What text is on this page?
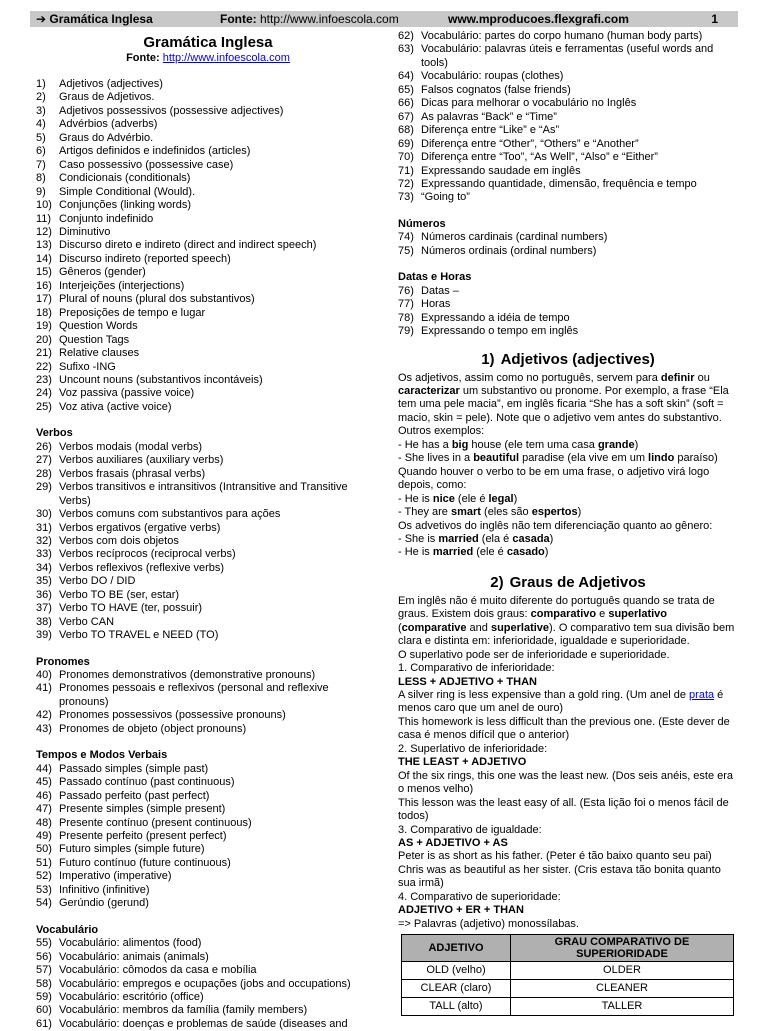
➔ Gramática Inglesa	Fonte: http://www.infoescola.com	www.mproducoes.flexgrafi.com	1
Gramática Inglesa
Fonte: http://www.infoescola.com
1)	Adjetivos (adjectives)
2)	Graus de Adjetivos.
3)	Adjetivos possessivos (possessive adjectives)
4)	Advérbios (adverbs)
5)	Graus do Advérbio.
6)	Artigos definidos e indefinidos (articles)
7)	Caso possessivo (possessive case)
8)	Condicionais (conditionals)
9)	Simple Conditional (Would).
10) Conjunções (linking words)
11) Conjunto indefinido
12) Diminutivo
13) Discurso direto e indireto (direct and indirect speech)
14) Discurso indireto (reported speech)
15) Gêneros (gender)
16) Interjeições (interjections)
17) Plural of nouns (plural dos substantivos)
18) Preposições de tempo e lugar
19) Question Words
20) Question Tags
21) Relative clauses
22) Sufixo -ING
23) Uncount nouns (substantivos incontáveis)
24) Voz passiva (passive voice)
25) Voz ativa (active voice)
Verbos
26) Verbos modais (modal verbs)
27) Verbos auxiliares (auxiliary verbs)
28) Verbos frasais (phrasal verbs)
29) Verbos transitivos e intransitivos (Intransitive and Transitive Verbs)
30) Verbos comuns com substantivos para ações
31) Verbos ergativos (ergative verbs)
32) Verbos com dois objetos
33) Verbos recíprocos (reciprocal verbs)
34) Verbos reflexivos (reflexive verbs)
35) Verbo DO / DID
36) Verbo TO BE (ser, estar)
37) Verbo TO HAVE (ter, possuir)
38) Verbo CAN
39) Verbo TO TRAVEL e NEED (TO)
Pronomes
40) Pronomes demonstrativos (demonstrative pronouns)
41) Pronomes pessoais e reflexivos (personal and reflexive pronouns)
42) Pronomes possessivos (possessive pronouns)
43) Pronomes de objeto (object pronouns)
Tempos e Modos Verbais
44) Passado simples (simple past)
45) Passado contínuo (past continuous)
46) Passado perfeito (past perfect)
47) Presente simples (simple present)
48) Presente contínuo (present continuous)
49) Presente perfeito (present perfect)
50) Futuro simples (simple future)
51) Futuro contínuo (future continuous)
52) Imperativo (imperative)
53) Infinitivo (infinitive)
54) Gerúndio (gerund)
Vocabulário
55) Vocabulário: alimentos (food)
56) Vocabulário: animais (animals)
57) Vocabulário: cômodos da casa e mobília
58) Vocabulário: empregos e ocupações (jobs and occupations)
59) Vocabulário: escritório (office)
60) Vocabulário: membros da família (family members)
61) Vocabulário: doenças e problemas de saúde (diseases and
62) Vocabulário: partes do corpo humano (human body parts)
63) Vocabulário: palavras úteis e ferramentas (useful words and tools)
64) Vocabulário: roupas (clothes)
65) Falsos cognatos (false friends)
66) Dicas para melhorar o vocabulário no Inglês
67) As palavras “Back” e “Time”
68) Diferença entre “Like” e “As”
69) Diferença entre “Other”, “Others” e “Another”
70) Diferença entre “Too”, “As Well”, “Also” e “Either”
71) Expressando saudade em inglês
72) Expressando quantidade, dimensão, frequência e tempo
73) “Going to”
Números
74) Números cardinais (cardinal numbers)
75) Números ordinais (ordinal numbers)
Datas e Horas
76) Datas –
77) Horas
78) Expressando a idéia de tempo
79) Expressando o tempo em inglês
1) Adjetivos (adjectives)

Os adjetivos, assim como no português, servem para definir ou caracterizar um substantivo ou pronome. Por exemplo, a frase “Ela tem uma pele macia”, em inglês ficaria “She has a soft skin” (soft = macio, skin = pele). Note que o adjetivo vem antes do substantivo.

Outros exemplos:

- He has a big house (ele tem uma casa grande)

- She lives in a beautiful paradise (ela vive em um lindo paraíso)

Quando houver o verbo to be em uma frase, o adjetivo virá logo depois, como:

- He is nice (ele é legal)

- They are smart (eles são espertos)

Os advetivos do inglês não tem diferenciação quanto ao gênero:

- She is married (ela é casada)

- He is married (ele é casado)

2) Graus de Adjetivos

Em inglês não é muito diferente do português quando se trata de graus. Existem dois graus: comparativo e superlativo (comparative and superlative). O comparativo tem sua divisão bem clara e distinta em: inferioridade, igualdade e superioridade.

O superlativo pode ser de inferioridade e superioridade.

1. Comparativo de inferioridade:

LESS + ADJETIVO + THAN

A silver ring is less expensive than a gold ring. (Um anel de prata é menos caro que um anel de ouro)

This homework is less difficult than the previous one. (Este dever de casa é menos difícil que o anterior)

2. Superlativo de inferioridade:

THE LEAST + ADJETIVO

Of the six rings, this one was the least new. (Dos seis anéis, este era o menos velho)

This lesson was the least easy of all. (Esta lição foi o menos fácil de todos)

3. Comparativo de igualdade:

AS + ADJETIVO + AS

Peter is as short as his father. (Peter é tão baixo quanto seu pai)

Chris was as beautiful as her sister. (Cris estava tão bonita quanto sua irmã)

4. Comparativo de superioridade:

ADJETIVO + ER + THAN

=> Palavras (adjetivo) monossílabas.

ADJETIVO	GRAU COMPARATIVO DE SUPERIORIDADE
OLD (velho)	OLDER
CLEAR (claro)	CLEANER
TALL (alto)	TALLER
